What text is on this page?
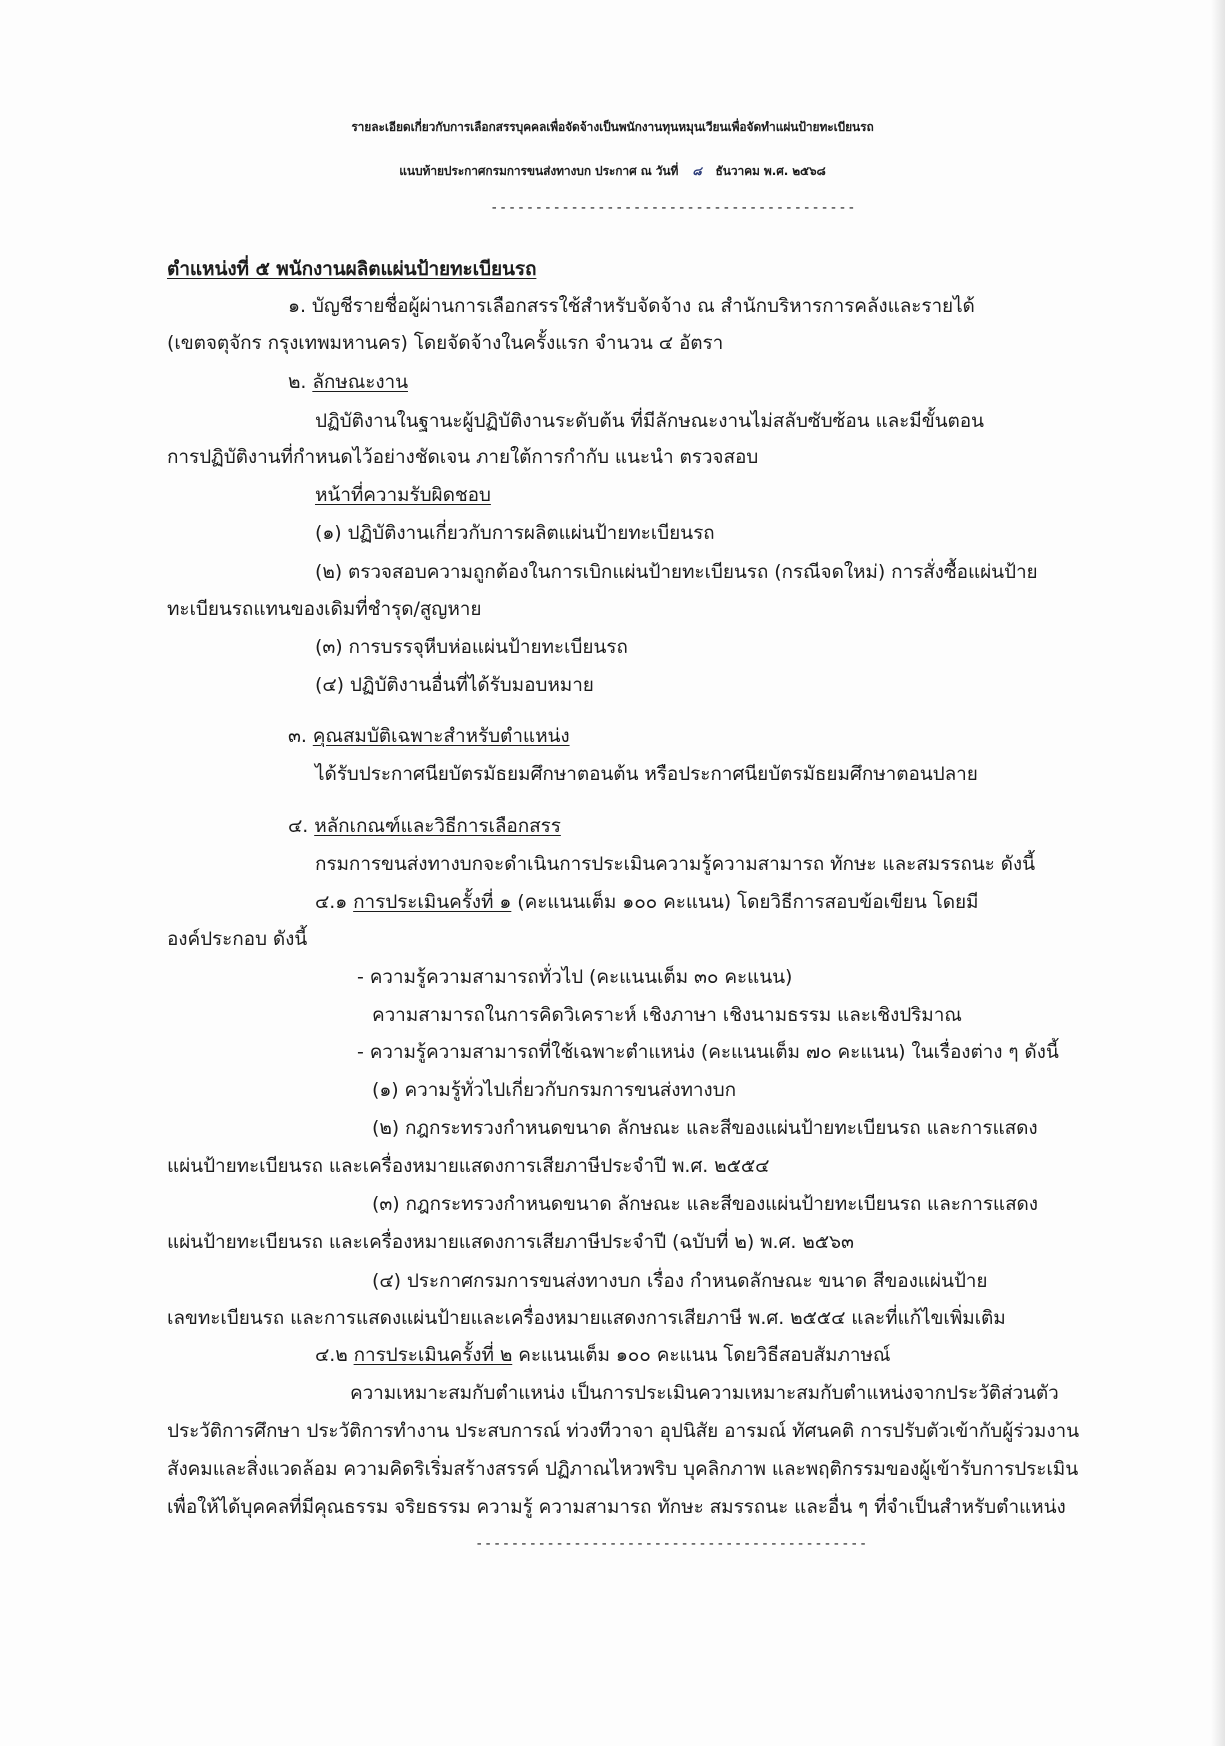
รายละเอียดเกี่ยวกับการเลือกสรรบุคคลเพื่อจัดจ้างเป็นพนักงานทุนหมุนเวียนเพื่อจัดทำแผ่นป้ายทะเบียนรถ
แนบท้ายประกาศกรมการขนส่งทางบก ประกาศ ณ วันที่ ๘ ธันวาคม พ.ศ. ๒๕๖๘
-----------------------------------------
ตำแหน่งที่ ๕ พนักงานผลิตแผ่นป้ายทะเบียนรถ
๑. บัญชีรายชื่อผู้ผ่านการเลือกสรรใช้สำหรับจัดจ้าง ณ สำนักบริหารการคลังและรายได้
(เขตจตุจักร กรุงเทพมหานคร) โดยจัดจ้างในครั้งแรก จำนวน ๔ อัตรา
๒. ลักษณะงาน
ปฏิบัติงานในฐานะผู้ปฏิบัติงานระดับต้น ที่มีลักษณะงานไม่สลับซับซ้อน และมีขั้นตอน
การปฏิบัติงานที่กำหนดไว้อย่างชัดเจน ภายใต้การกำกับ แนะนำ ตรวจสอบ
หน้าที่ความรับผิดชอบ
(๑) ปฏิบัติงานเกี่ยวกับการผลิตแผ่นป้ายทะเบียนรถ
(๒) ตรวจสอบความถูกต้องในการเบิกแผ่นป้ายทะเบียนรถ (กรณีจดใหม่) การสั่งซื้อแผ่นป้าย
ทะเบียนรถแทนของเดิมที่ชำรุด/สูญหาย
(๓) การบรรจุหีบห่อแผ่นป้ายทะเบียนรถ
(๔) ปฏิบัติงานอื่นที่ได้รับมอบหมาย
๓. คุณสมบัติเฉพาะสำหรับตำแหน่ง
ได้รับประกาศนียบัตรมัธยมศึกษาตอนต้น หรือประกาศนียบัตรมัธยมศึกษาตอนปลาย
๔. หลักเกณฑ์และวิธีการเลือกสรร
กรมการขนส่งทางบกจะดำเนินการประเมินความรู้ความสามารถ ทักษะ และสมรรถนะ ดังนี้
๔.๑ การประเมินครั้งที่ ๑ (คะแนนเต็ม ๑๐๐ คะแนน) โดยวิธีการสอบข้อเขียน โดยมี
องค์ประกอบ ดังนี้
- ความรู้ความสามารถทั่วไป (คะแนนเต็ม ๓๐ คะแนน)
ความสามารถในการคิดวิเคราะห์ เชิงภาษา เชิงนามธรรม และเชิงปริมาณ
- ความรู้ความสามารถที่ใช้เฉพาะตำแหน่ง (คะแนนเต็ม ๗๐ คะแนน) ในเรื่องต่าง ๆ ดังนี้
(๑) ความรู้ทั่วไปเกี่ยวกับกรมการขนส่งทางบก
(๒) กฎกระทรวงกำหนดขนาด ลักษณะ และสีของแผ่นป้ายทะเบียนรถ และการแสดง
แผ่นป้ายทะเบียนรถ และเครื่องหมายแสดงการเสียภาษีประจำปี พ.ศ. ๒๕๕๔
(๓) กฎกระทรวงกำหนดขนาด ลักษณะ และสีของแผ่นป้ายทะเบียนรถ และการแสดง
แผ่นป้ายทะเบียนรถ และเครื่องหมายแสดงการเสียภาษีประจำปี (ฉบับที่ ๒) พ.ศ. ๒๕๖๓
(๔) ประกาศกรมการขนส่งทางบก เรื่อง กำหนดลักษณะ ขนาด สีของแผ่นป้าย
เลขทะเบียนรถ และการแสดงแผ่นป้ายและเครื่องหมายแสดงการเสียภาษี พ.ศ. ๒๕๕๔ และที่แก้ไขเพิ่มเติม
๔.๒ การประเมินครั้งที่ ๒ คะแนนเต็ม ๑๐๐ คะแนน โดยวิธีสอบสัมภาษณ์
ความเหมาะสมกับตำแหน่ง เป็นการประเมินความเหมาะสมกับตำแหน่งจากประวัติส่วนตัว
ประวัติการศึกษา ประวัติการทำงาน ประสบการณ์ ท่วงทีวาจา อุปนิสัย อารมณ์ ทัศนคติ การปรับตัวเข้ากับผู้ร่วมงาน
สังคมและสิ่งแวดล้อม ความคิดริเริ่มสร้างสรรค์ ปฏิภาณไหวพริบ บุคลิกภาพ และพฤติกรรมของผู้เข้ารับการประเมิน
เพื่อให้ได้บุคคลที่มีคุณธรรม จริยธรรม ความรู้ ความสามารถ ทักษะ สมรรถนะ และอื่น ๆ ที่จำเป็นสำหรับตำแหน่ง
--------------------------------------------
